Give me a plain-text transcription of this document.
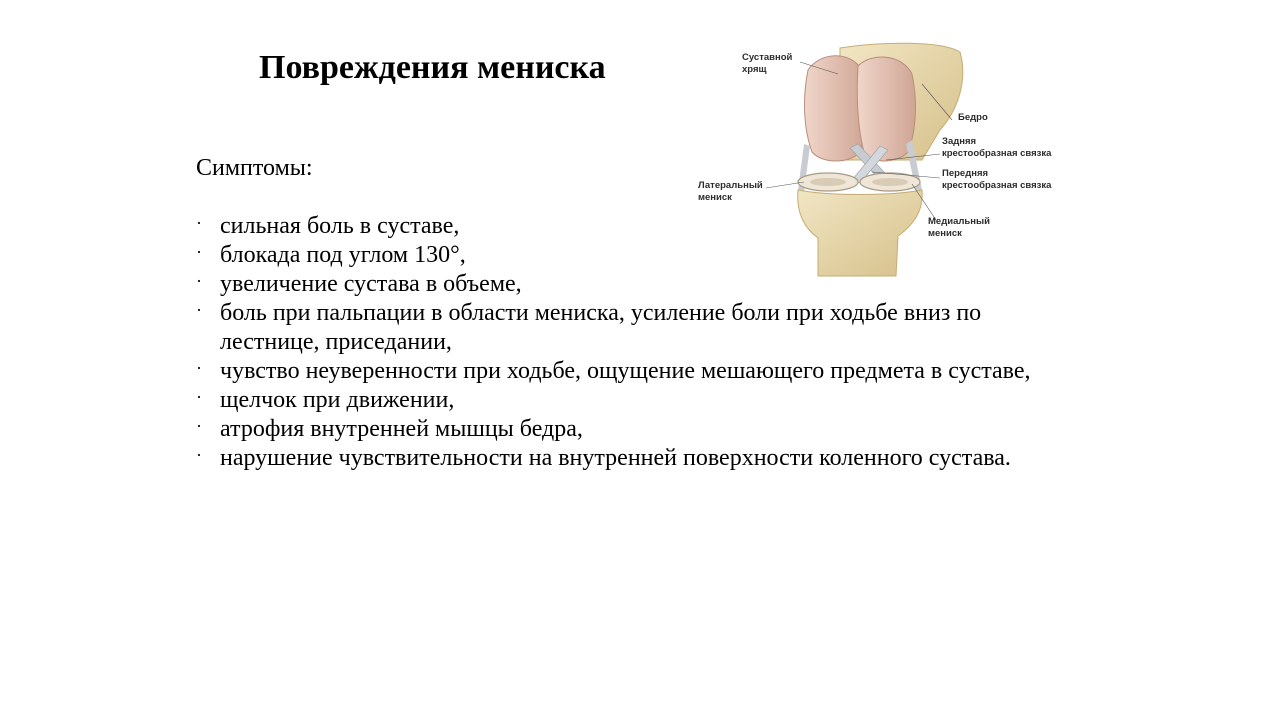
Повреждения мениска
Симптомы:
· сильная боль в суставе,
· блокада под углом 130°,
· увеличение сустава в объеме,
· боль при пальпации в области мениска, усиление боли при ходьбе вниз по лестнице, приседании,
· чувство неуверенности при ходьбе, ощущение мешающего предмета в суставе,
· щелчок при движении,
· атрофия внутренней мышцы бедра,
· нарушение чувствительности на внутренней поверхности коленного сустава.
Суставной
хрящ
Бедро
Задняя
крестообразная связка
Передняя
крестообразная связка
Латеральный
мениск
Медиальный
мениск
